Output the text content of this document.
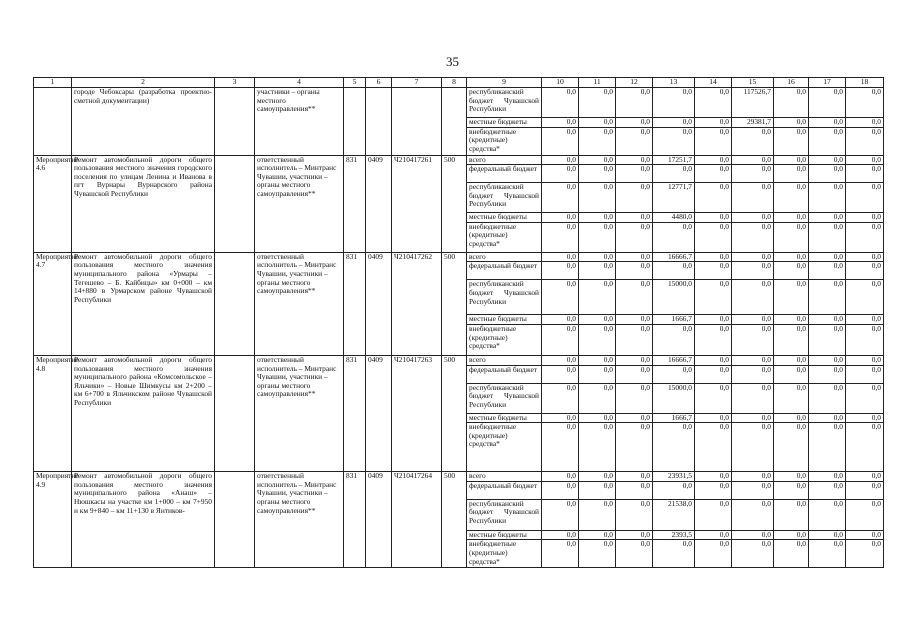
35
1	2	3	4	5	6	7	8	9	10	11	12	13	14	15	16	17	18
	городе Чебоксары (разработка проектно-сметной документации)		участники – органы местного самоуправления**					республиканский бюджет Чувашской Республики	0,0	0,0	0,0	0,0	0,0	117526,7	0,0	0,0	0,0
								местные бюджеты	0,0	0,0	0,0	0,0	0,0	29381,7	0,0	0,0	0,0
								внебюджетные (кредитные) средства*	0,0	0,0	0,0	0,0	0,0	0,0	0,0	0,0	0,0
Мероприятие 4.6	Ремонт автомобильной дороги общего пользования местного значения городского поселения по улицам Ленина и Иванова в пгт Вурнары Вурнарского района Чувашской Республики		ответственный исполнитель – Минтранс Чувашии, участники – органы местного самоуправления**	831	0409	Ч210417261	500	всего	0,0	0,0	0,0	17251,7	0,0	0,0	0,0	0,0	0,0
								федеральный бюджет	0,0	0,0	0,0	0,0	0,0	0,0	0,0	0,0	0,0
								республиканский бюджет Чувашской Республики	0,0	0,0	0,0	12771,7	0,0	0,0	0,0	0,0	0,0
								местные бюджеты	0,0	0,0	0,0	4480,0	0,0	0,0	0,0	0,0	0,0
								внебюджетные (кредитные) средства*	0,0	0,0	0,0	0,0	0,0	0,0	0,0	0,0	0,0
Мероприятие 4.7	Ремонт автомобильной дороги общего пользования местного значения муниципального района «Урмары – Тегешево – Б. Кайбицы» км 0+000 – км 14+880 в Урмарском районе Чувашской Республики		ответственный исполнитель – Минтранс Чувашии, участники – органы местного самоуправления**	831	0409	Ч210417262	500	всего	0,0	0,0	0,0	16666,7	0,0	0,0	0,0	0,0	0,0
								федеральный бюджет	0,0	0,0	0,0	0,0	0,0	0,0	0,0	0,0	0,0
								республиканский бюджет Чувашской Республики	0,0	0,0	0,0	15000,0	0,0	0,0	0,0	0,0	0,0
								местные бюджеты	0,0	0,0	0,0	1666,7	0,0	0,0	0,0	0,0	0,0
								внебюджетные (кредитные) средства*	0,0	0,0	0,0	0,0	0,0	0,0	0,0	0,0	0,0
Мероприятие 4.8	Ремонт автомобильной дороги общего пользования местного значения муниципального района «Комсомольское – Яльчики» – Новые Шимкусы км 2+200 – км 6+700 в Яльчикском районе Чувашской Республики		ответственный исполнитель – Минтранс Чувашии, участники – органы местного самоуправления**	831	0409	Ч210417263	500	всего	0,0	0,0	0,0	16666,7	0,0	0,0	0,0	0,0	0,0
								федеральный бюджет	0,0	0,0	0,0	0,0	0,0	0,0	0,0	0,0	0,0
								республиканский бюджет Чувашской Республики	0,0	0,0	0,0	15000,0	0,0	0,0	0,0	0,0	0,0
								местные бюджеты	0,0	0,0	0,0	1666,7	0,0	0,0	0,0	0,0	0,0
								внебюджетные (кредитные) средства*	0,0	0,0	0,0	0,0	0,0	0,0	0,0	0,0	0,0
Мероприятие 4.9	Ремонт автомобильной дороги общего пользования местного значения муниципального района «Анаш» – Нюшкасы на участке км 1+000 – км 7+950 и км 9+840 – км 11+130 в Янтиков-		ответственный исполнитель – Минтранс Чувашии, участники – органы местного самоуправления**	831	0409	Ч210417264	500	всего	0,0	0,0	0,0	23931,5	0,0	0,0	0,0	0,0	0,0
								федеральный бюджет	0,0	0,0	0,0	0,0	0,0	0,0	0,0	0,0	0,0
								республиканский бюджет Чувашской Республики	0,0	0,0	0,0	21538,0	0,0	0,0	0,0	0,0	0,0
								местные бюджеты	0,0	0,0	0,0	2393,5	0,0	0,0	0,0	0,0	0,0
								внебюджетные (кредитные) средства*	0,0	0,0	0,0	0,0	0,0	0,0	0,0	0,0	0,0
